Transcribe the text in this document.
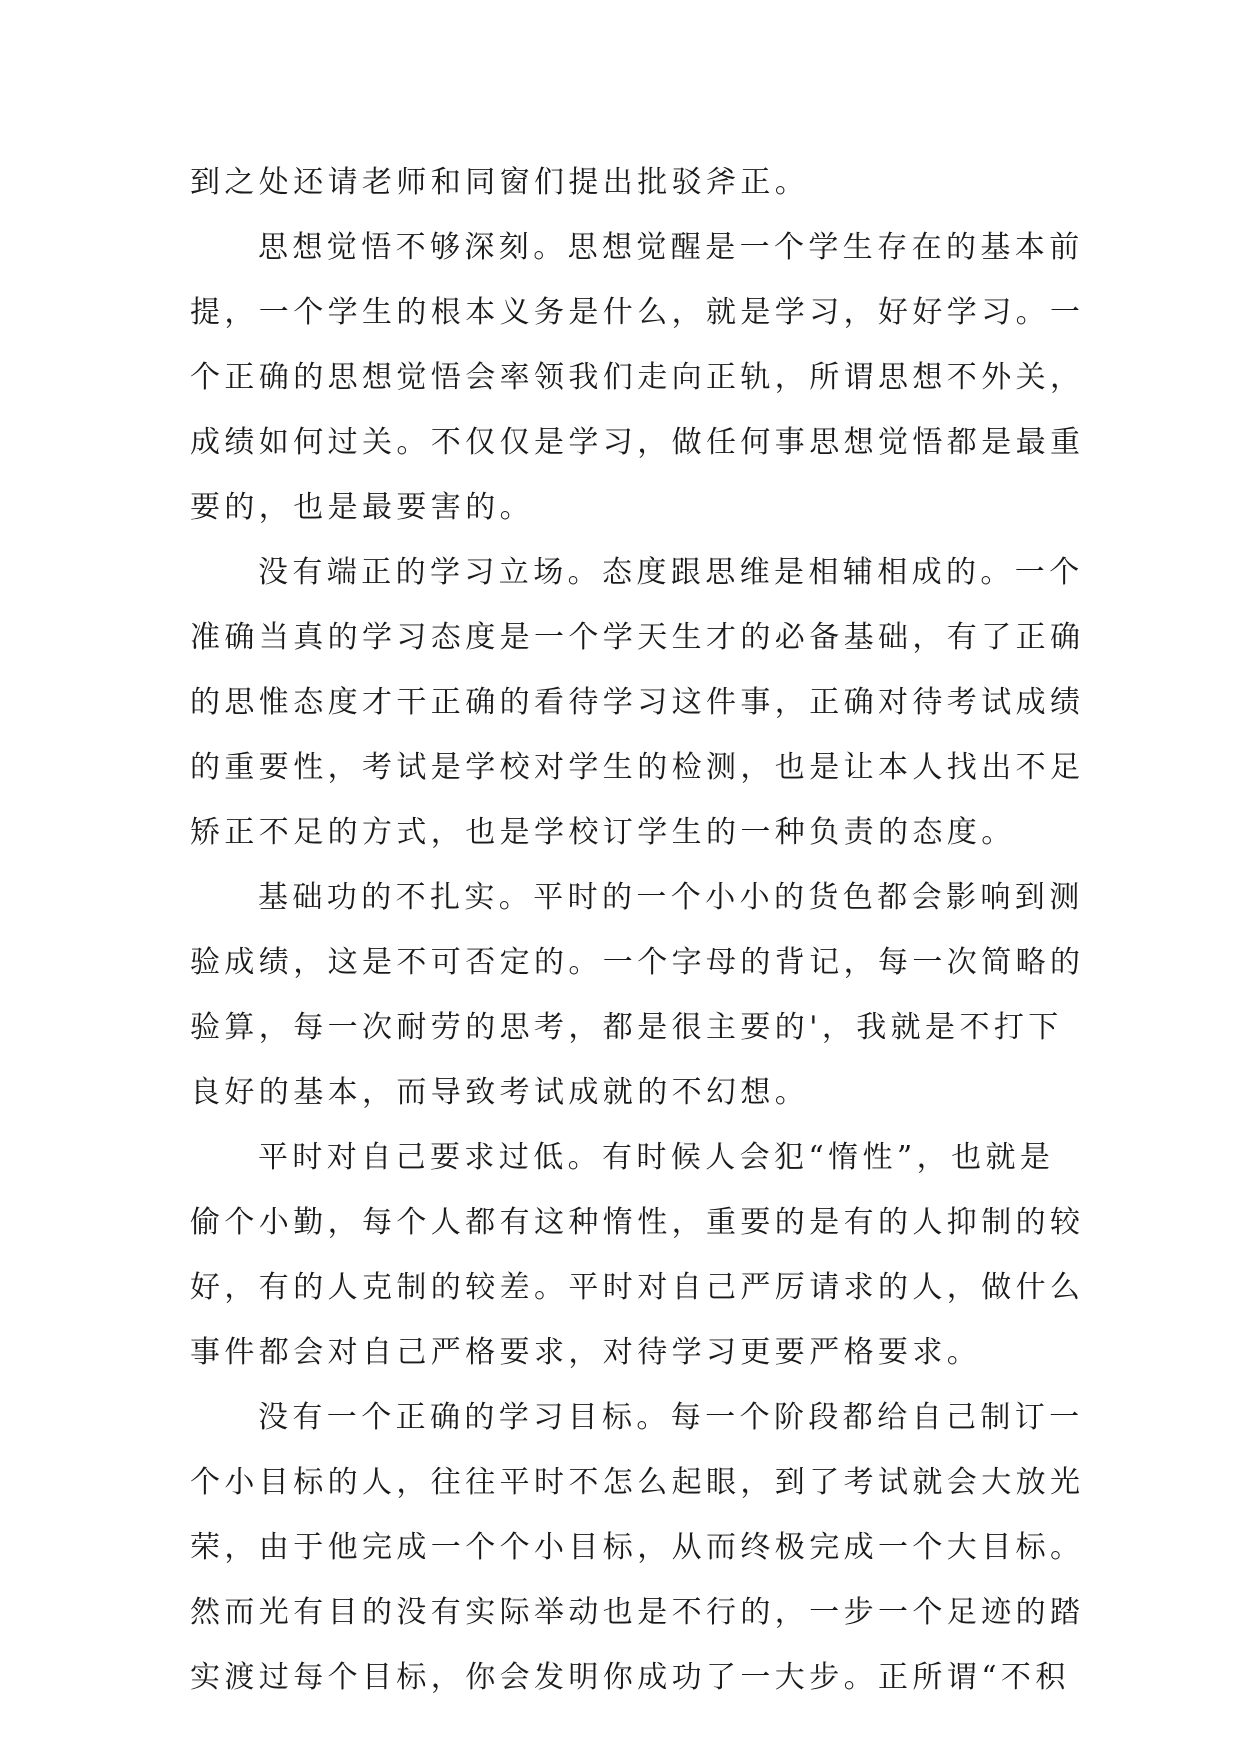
到之处还请老师和同窗们提出批驳斧正。
思想觉悟不够深刻。思想觉醒是一个学生存在的基本前
提，一个学生的根本义务是什么，就是学习，好好学习。一
个正确的思想觉悟会率领我们走向正轨，所谓思想不外关，
成绩如何过关。不仅仅是学习，做任何事思想觉悟都是最重
要的，也是最要害的。
没有端正的学习立场。态度跟思维是相辅相成的。一个
准确当真的学习态度是一个学天生才的必备基础，有了正确
的思惟态度才干正确的看待学习这件事，正确对待考试成绩
的重要性，考试是学校对学生的检测，也是让本人找出不足
矫正不足的方式，也是学校订学生的一种负责的态度。
基础功的不扎实。平时的一个小小的货色都会影响到测
验成绩，这是不可否定的。一个字母的背记，每一次简略的
验算，每一次耐劳的思考，都是很主要的'，我就是不打下
良好的基本，而导致考试成就的不幻想。
平时对自己要求过低。有时候人会犯“惰性”，也就是
偷个小勤，每个人都有这种惰性，重要的是有的人抑制的较
好，有的人克制的较差。平时对自己严厉请求的人，做什么
事件都会对自己严格要求，对待学习更要严格要求。
没有一个正确的学习目标。每一个阶段都给自己制订一
个小目标的人，往往平时不怎么起眼，到了考试就会大放光
荣，由于他完成一个个小目标，从而终极完成一个大目标。
然而光有目的没有实际举动也是不行的，一步一个足迹的踏
实渡过每个目标，你会发明你成功了一大步。正所谓“不积
